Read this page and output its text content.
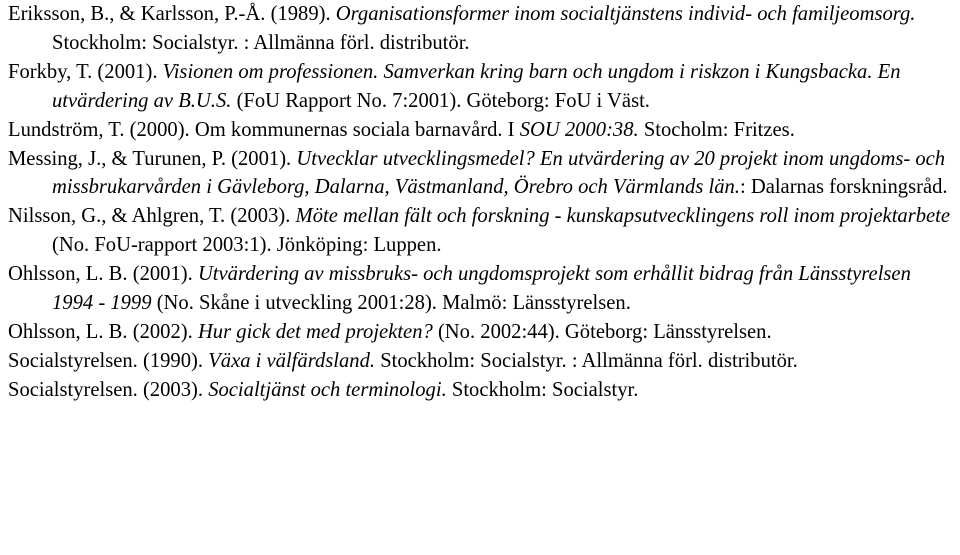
Eriksson, B., & Karlsson, P.-Å. (1989). Organisationsformer inom socialtjänstens individ- och familjeomsorg. Stockholm: Socialstyr. : Allmänna förl. distributör.
Forkby, T. (2001). Visionen om professionen. Samverkan kring barn och ungdom i riskzon i Kungsbacka. En utvärdering av B.U.S. (FoU Rapport No. 7:2001). Göteborg: FoU i Väst.
Lundström, T. (2000). Om kommunernas sociala barnavård. I SOU 2000:38. Stocholm: Fritzes.
Messing, J., & Turunen, P. (2001). Utvecklar utvecklingsmedel? En utvärdering av 20 projekt inom ungdoms- och missbrukarvården i Gävleborg, Dalarna, Västmanland, Örebro och Värmlands län.: Dalarnas forskningsråd.
Nilsson, G., & Ahlgren, T. (2003). Möte mellan fält och forskning - kunskapsutvecklingens roll inom projektarbete (No. FoU-rapport 2003:1). Jönköping: Luppen.
Ohlsson, L. B. (2001). Utvärdering av missbruks- och ungdomsprojekt som erhållit bidrag från Länsstyrelsen 1994 - 1999 (No. Skåne i utveckling 2001:28). Malmö: Länsstyrelsen.
Ohlsson, L. B. (2002). Hur gick det med projekten? (No. 2002:44). Göteborg: Länsstyrelsen.
Socialstyrelsen. (1990). Växa i välfärdsland. Stockholm: Socialstyr. : Allmänna förl. distributör.
Socialstyrelsen. (2003). Socialtjänst och terminologi. Stockholm: Socialstyr.
